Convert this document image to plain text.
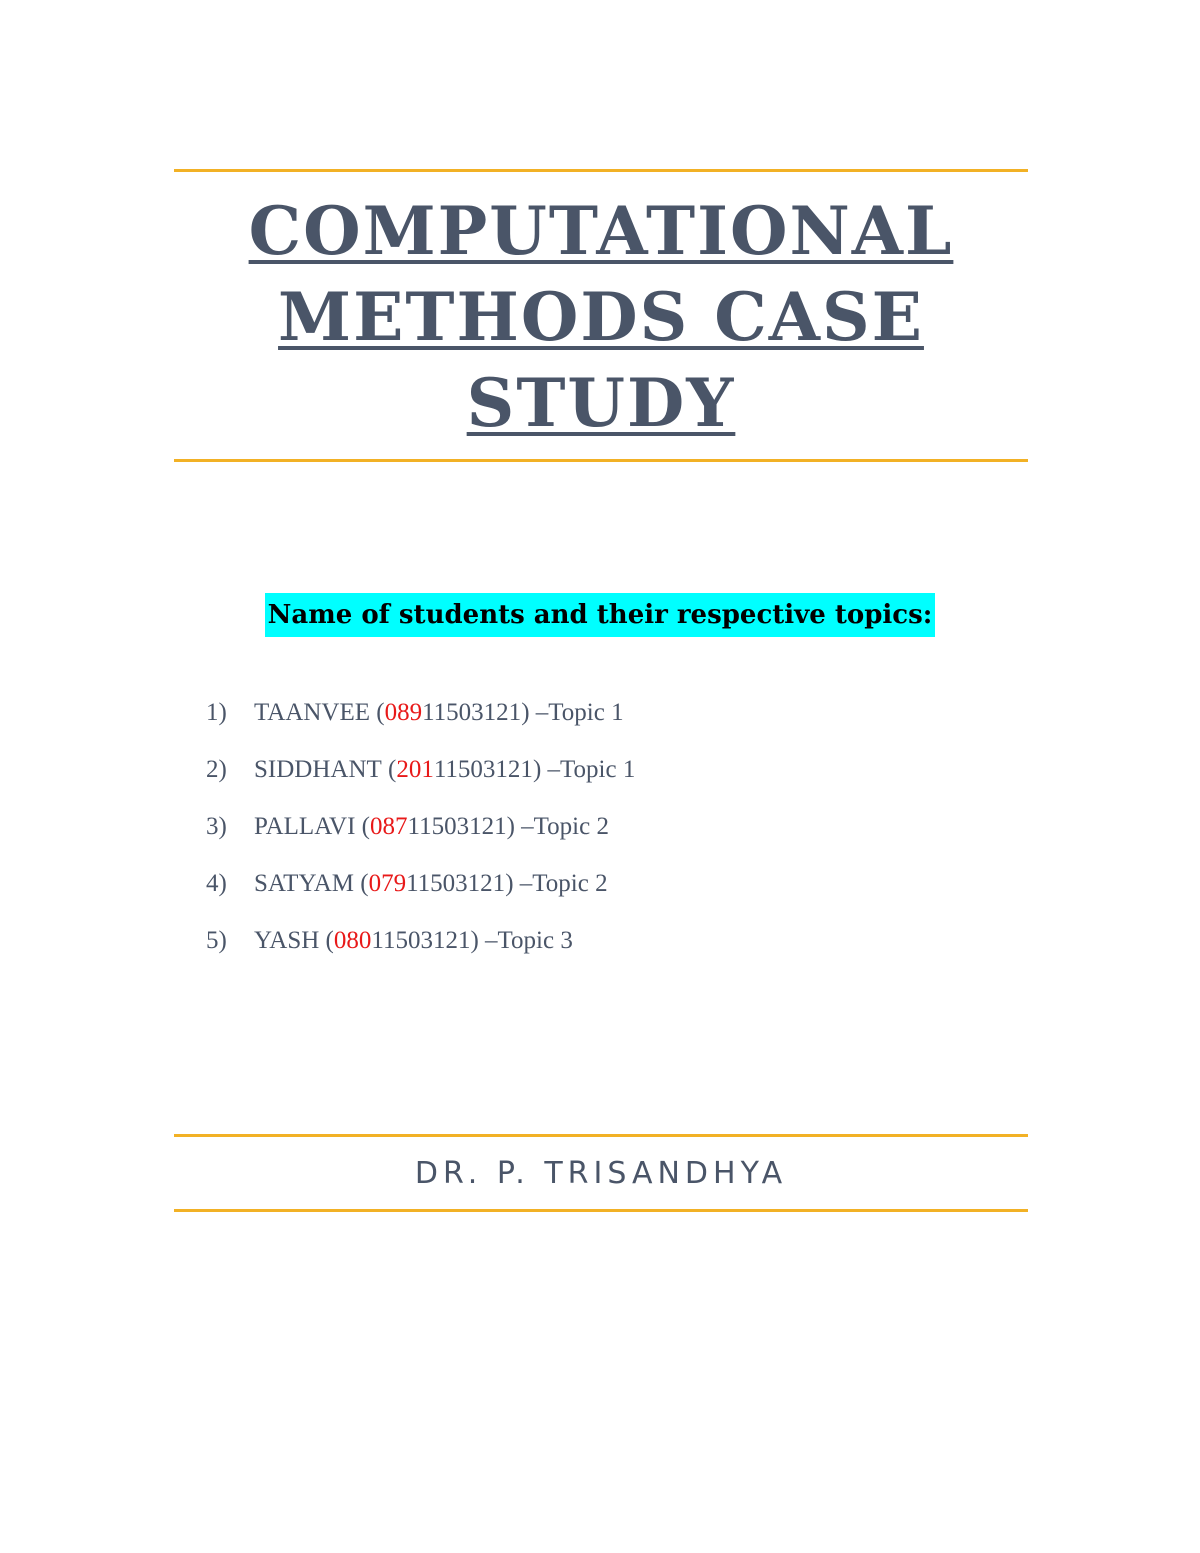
COMPUTATIONAL
METHODS CASE
STUDY
Name of students and their respective topics:
1)	TAANVEE ( 089 11503121 ) – Topic 1
2)	SIDDHANT ( 201 11503121 ) – Topic 1
3)	PALLAVI ( 087 11503121 ) – Topic 2
4)	SATYAM ( 079 11503121 ) – Topic 2
5)	YASH ( 080 11503121 ) – Topic 3
DR. P. TRISANDHYA
